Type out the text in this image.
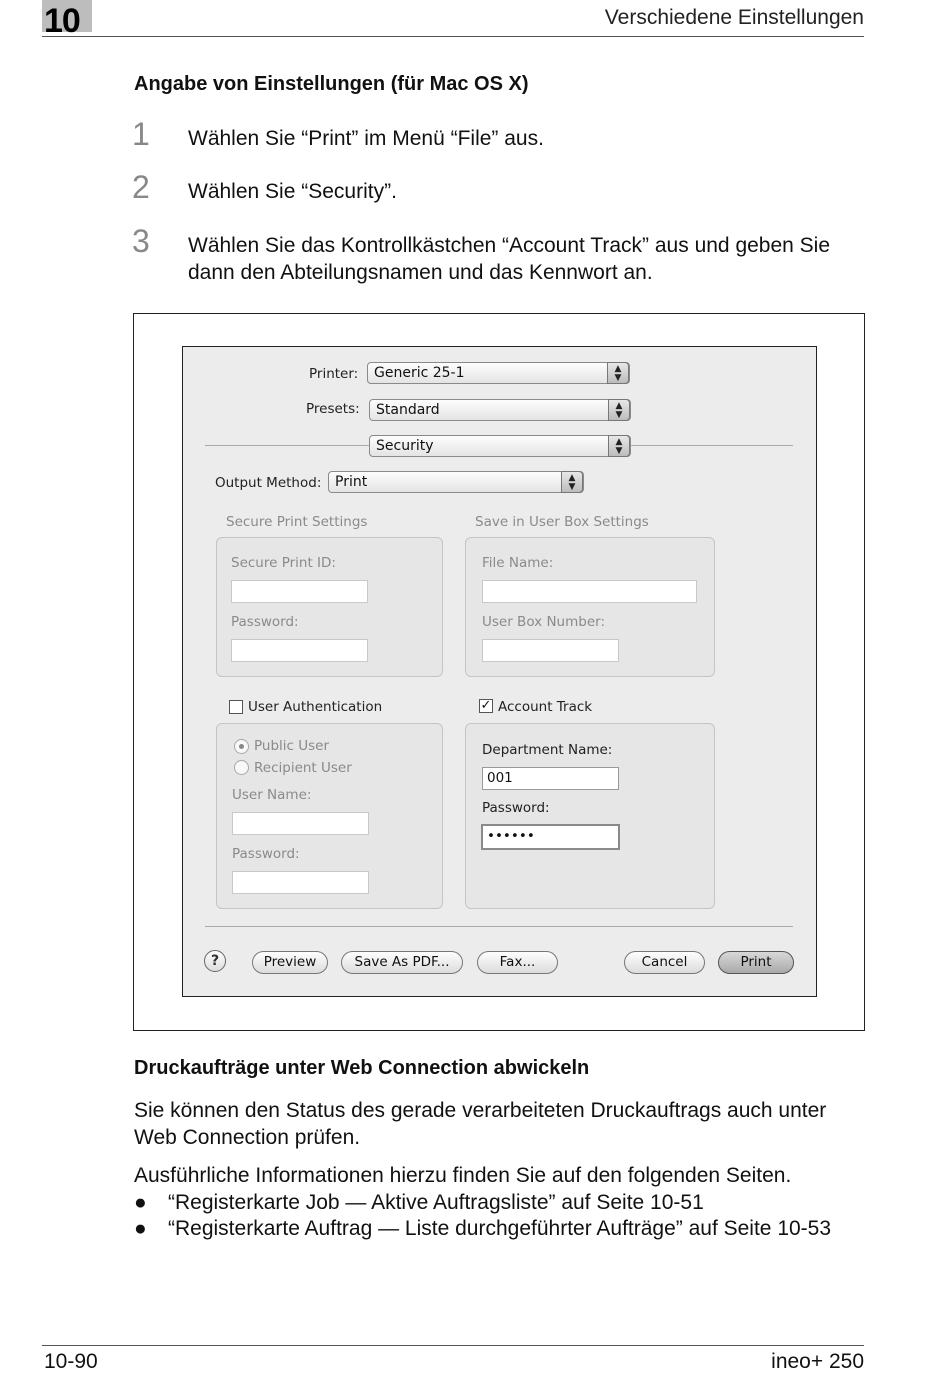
10	Verschiedene Einstellungen
Angabe von Einstellungen (für Mac OS X)
1 Wählen Sie “Print” im Menü “File” aus.
2 Wählen Sie “Security”.
3 Wählen Sie das Kontrollkästchen “Account Track” aus und geben Sie dann den Abteilungsnamen und das Kennwort an.
Printer:	Generic 25-1	▲
▼
Presets:	Standard	▲
▼
Security	▲
▼
Output Method: Print	▲
▼
Secure Print Settings
Secure Print ID:
Password:
Save in User Box Settings
File Name:
User Box Number:
User Authentication
Public User
Recipient User
User Name:
Password:
✓ Account Track
Department Name:
001
Password:
••••••
?	Preview	Save As PDF...	Fax...	Cancel	Print
Druckaufträge unter Web Connection abwickeln
Sie können den Status des gerade verarbeiteten Druckauftrags auch unter Web Connection prüfen.
Ausführliche Informationen hierzu finden Sie auf den folgenden Seiten.
● “Registerkarte Job — Aktive Auftragsliste” auf Seite 10-51
● “Registerkarte Auftrag — Liste durchgeführter Aufträge” auf Seite 10-53
10-90	ineo+ 250
